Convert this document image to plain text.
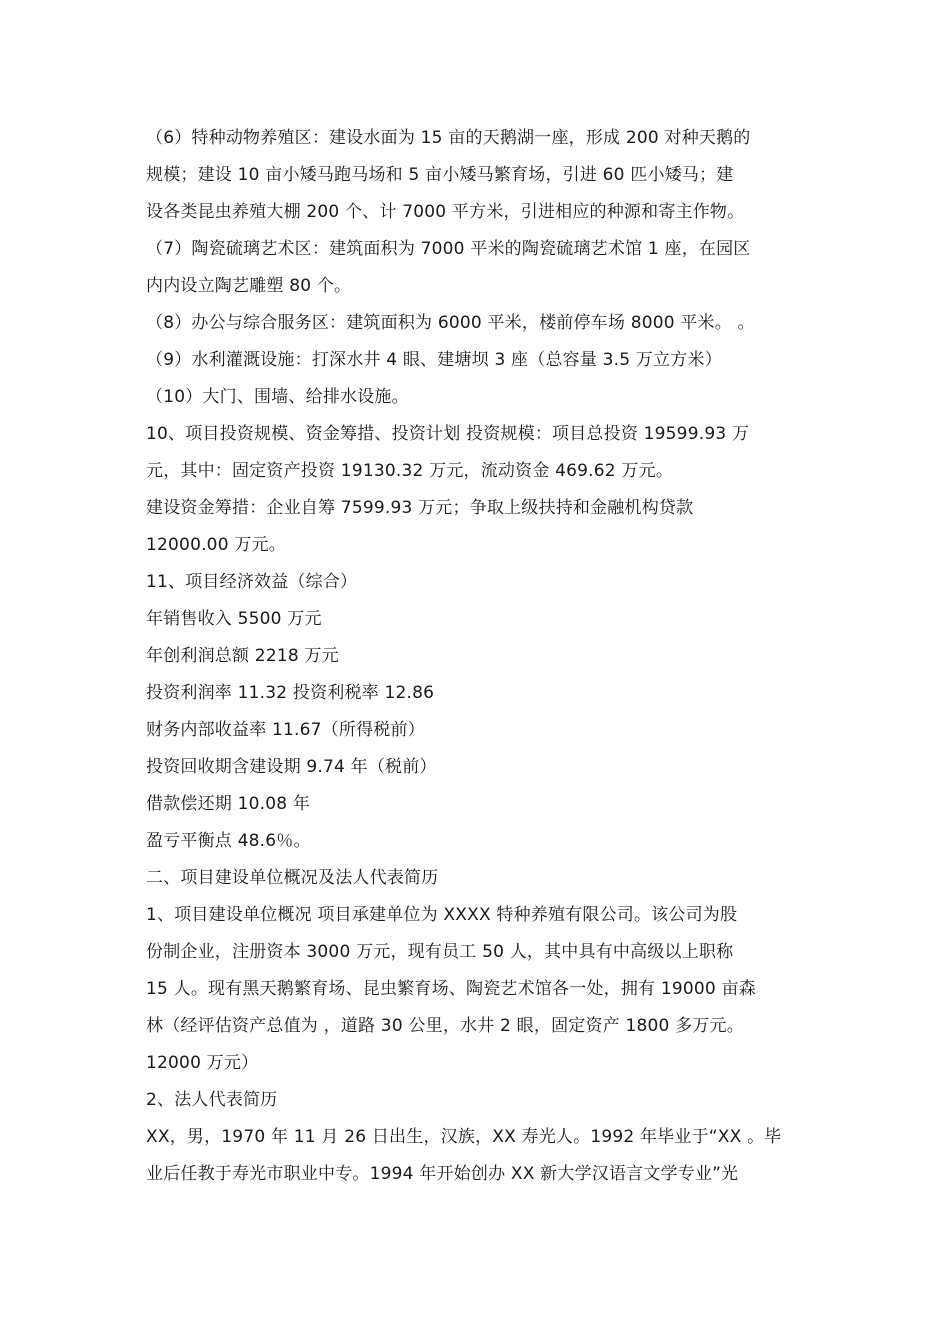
（6）特种动物养殖区：建设水面为 15 亩的天鹅湖一座，形成 200 对种天鹅的
规模；建设 10 亩小矮马跑马场和 5 亩小矮马繁育场，引进 60 匹小矮马；建
设各类昆虫养殖大棚 200 个、计 7000 平方米，引进相应的种源和寄主作物。
（7）陶瓷硫璃艺术区：建筑面积为 7000 平米的陶瓷硫璃艺术馆 1 座，在园区
内内设立陶艺雕塑 80 个。
（8）办公与综合服务区：建筑面积为 6000 平米，楼前停车场 8000 平米。 。
（9）水利灌溉设施：打深水井 4 眼、建塘坝 3 座（总容量 3.5 万立方米）
（10）大门、围墙、给排水设施。
10、项目投资规模、资金筹措、投资计划 投资规模：项目总投资 19599.93 万
元，其中：固定资产投资 19130.32 万元，流动资金 469.62 万元。
建设资金筹措：企业自筹 7599.93 万元；争取上级扶持和金融机构贷款
12000.00 万元。
11、项目经济效益（综合）
年销售收入 5500 万元
年创利润总额 2218 万元
投资利润率 11.32 投资利税率 12.86
财务内部收益率 11.67（所得税前）
投资回收期含建设期 9.74 年（税前）
借款偿还期 10.08 年
盈亏平衡点 48.6％。
二、项目建设单位概况及法人代表简历
1、项目建设单位概况 项目承建单位为 XXXX 特种养殖有限公司。该公司为股
份制企业，注册资本 3000 万元，现有员工 50 人，其中具有中高级以上职称
15 人。现有黑天鹅繁育场、昆虫繁育场、陶瓷艺术馆各一处，拥有 19000 亩森
林（经评估资产总值为 ，道路 30 公里，水井 2 眼，固定资产 1800 多万元。
12000 万元）
2、法人代表简历
XX，男，1970 年 11 月 26 日出生，汉族，XX 寿光人。1992 年毕业于“XX 。毕
业后任教于寿光市职业中专。1994 年开始创办 XX 新大学汉语言文学专业”光
